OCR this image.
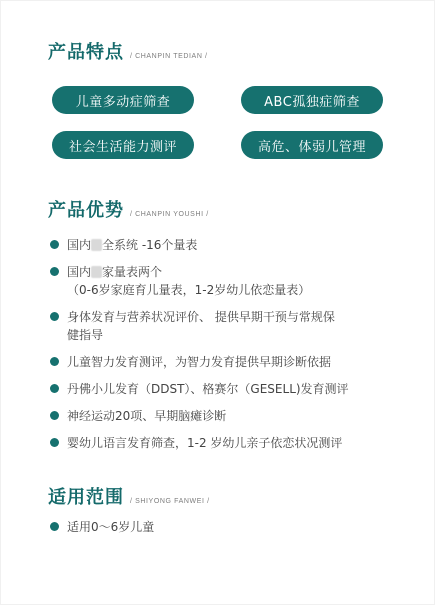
产品特点 / CHANPIN TEDIAN /
儿童多动症筛查	ABC孤独症筛查
社会生活能力测评	高危、体弱儿管理
产品优势 / CHANPIN YOUSHI /
国内 全系统 -16个量表
国内 家量表两个
（0-6岁家庭育儿量表，1-2岁幼儿依恋量表）
身体发育与营养状况评价、 提供早期干预与常规保
健指导
儿童智力发育测评，为智力发育提供早期诊断依据
丹佛小儿发育（DDST）、格赛尔（GESELL)发育测评
神经运动20项、早期脑瘫诊断
婴幼儿语言发育筛查，1-2 岁幼儿亲子依恋状况测评
适用范围 / SHIYONG FANWEI /
适用0～6岁儿童
